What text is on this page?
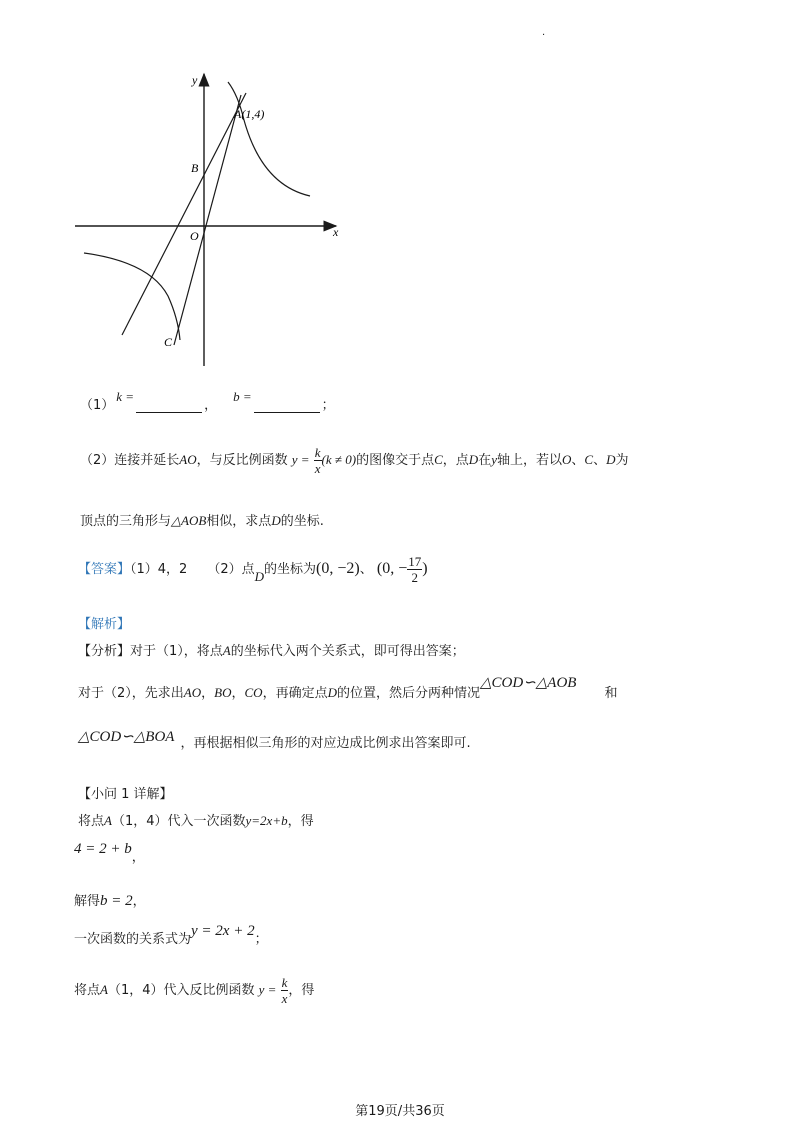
·
y
x
A(1,4)
B
O
C
（1）k =，b =；
（2）连接并延长AO，与反比例函数 $y = \frac{k}{x} (k \ne 0)$的图像交于点C，点D在y轴上，若以O、C、D为
顶点的三角形与△AOB相似，求点D的坐标.
【答案】（1）4，2 （2）点D的坐标为(0, −2)、 (0, − $\frac{17}{2}$ )
【解析】
【分析】对于（1），将点A的坐标代入两个关系式，即可得出答案；
对于（2），先求出AO，BO，CO，再确定点D的位置，然后分两种情况△COD∽△AOB和
△COD∽△BOA ，再根据相似三角形的对应边成比例求出答案即可.
【小问 1 详解】
将点A（1，4）代入一次函数y=2x+b，得
4 = 2 + b，
解得b = 2，
一次函数的关系式为y = 2x + 2；
将点A（1，4）代入反比例函数 $y = \frac{k}{x}$ ，得
第19页/共36页
